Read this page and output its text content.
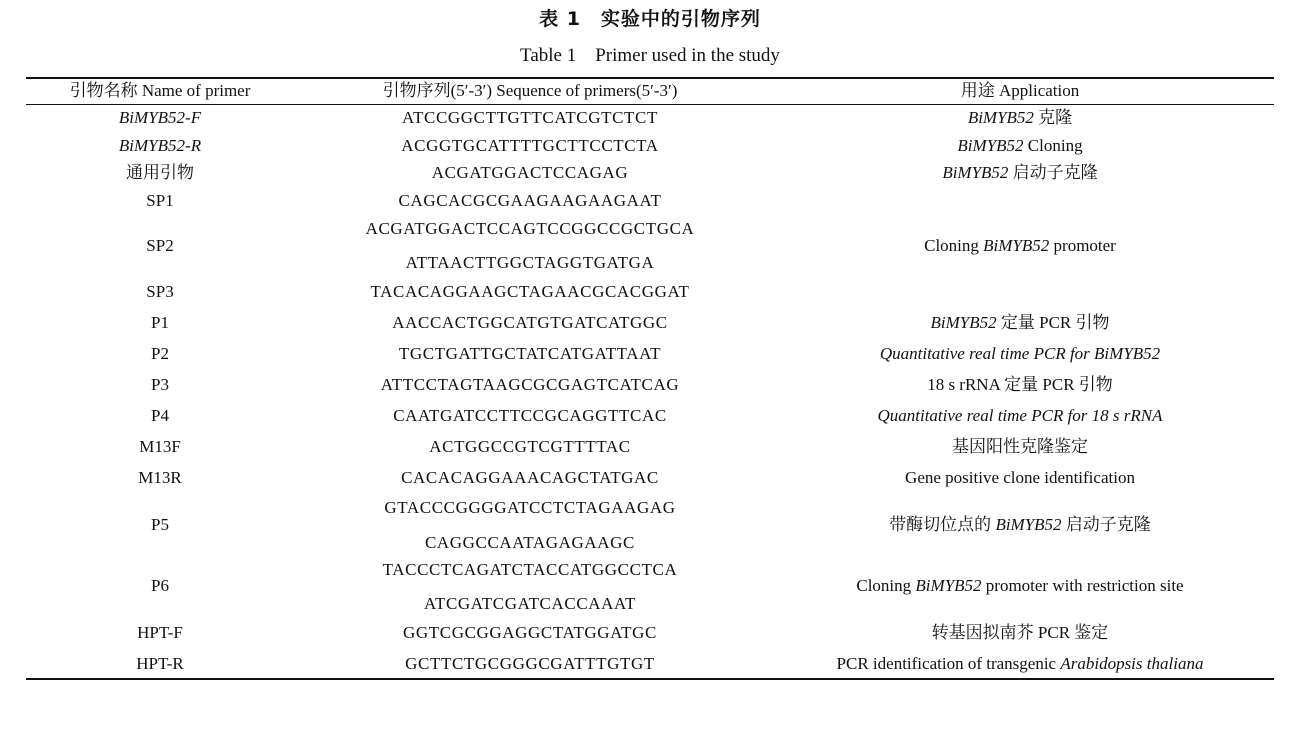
表 1　实验中的引物序列
Table 1　Primer used in the study
引物名称 Name of primer	引物序列(5′-3′) Sequence of primers(5′-3′)	用途 Application
BiMYB52-F
BiMYB52-R
通用引物
SP1
SP2
SP3
P1
P2
P3
P4
M13F
M13R
P5
P6
HPT-F
HPT-R
ATCCGGCTTGTTCATCGTCTCT
ACGGTGCATTTTGCTTCCTCTA
ACGATGGACTCCAGAG
CAGCACGCGAAGAAGAAGAAT
ACGATGGACTCCAGTCCGGCCGCTGCA
ATTAACTTGGCTAGGTGATGA
TACACAGGAAGCTAGAACGCACGGAT
AACCACTGGCATGTGATCATGGC
TGCTGATTGCTATCATGATTAAT
ATTCCTAGTAAGCGCGAGTCATCAG
CAATGATCCTTCCGCAGGTTCAC
ACTGGCCGTCGTTTTAC
CACACAGGAAACAGCTATGAC
GTACCCGGGGATCCTCTAGAAGAG
CAGGCCAATAGAGAAGC
TACCCTCAGATCTACCATGGCCTCA
ATCGATCGATCACCAAAT
GGTCGCGGAGGCTATGGATGC
GCTTCTGCGGGCGATTTGTGT
BiMYB52 克隆
BiMYB52 Cloning
BiMYB52 启动子克隆
Cloning BiMYB52 promoter
BiMYB52 定量 PCR 引物
Quantitative real time PCR for BiMYB52
18 s rRNA 定量 PCR 引物
Quantitative real time PCR for 18 s rRNA
基因阳性克隆鉴定
Gene positive clone identification
带酶切位点的 BiMYB52 启动子克隆
Cloning BiMYB52 promoter with restriction site
转基因拟南芥 PCR 鉴定
PCR identification of transgenic Arabidopsis thaliana
